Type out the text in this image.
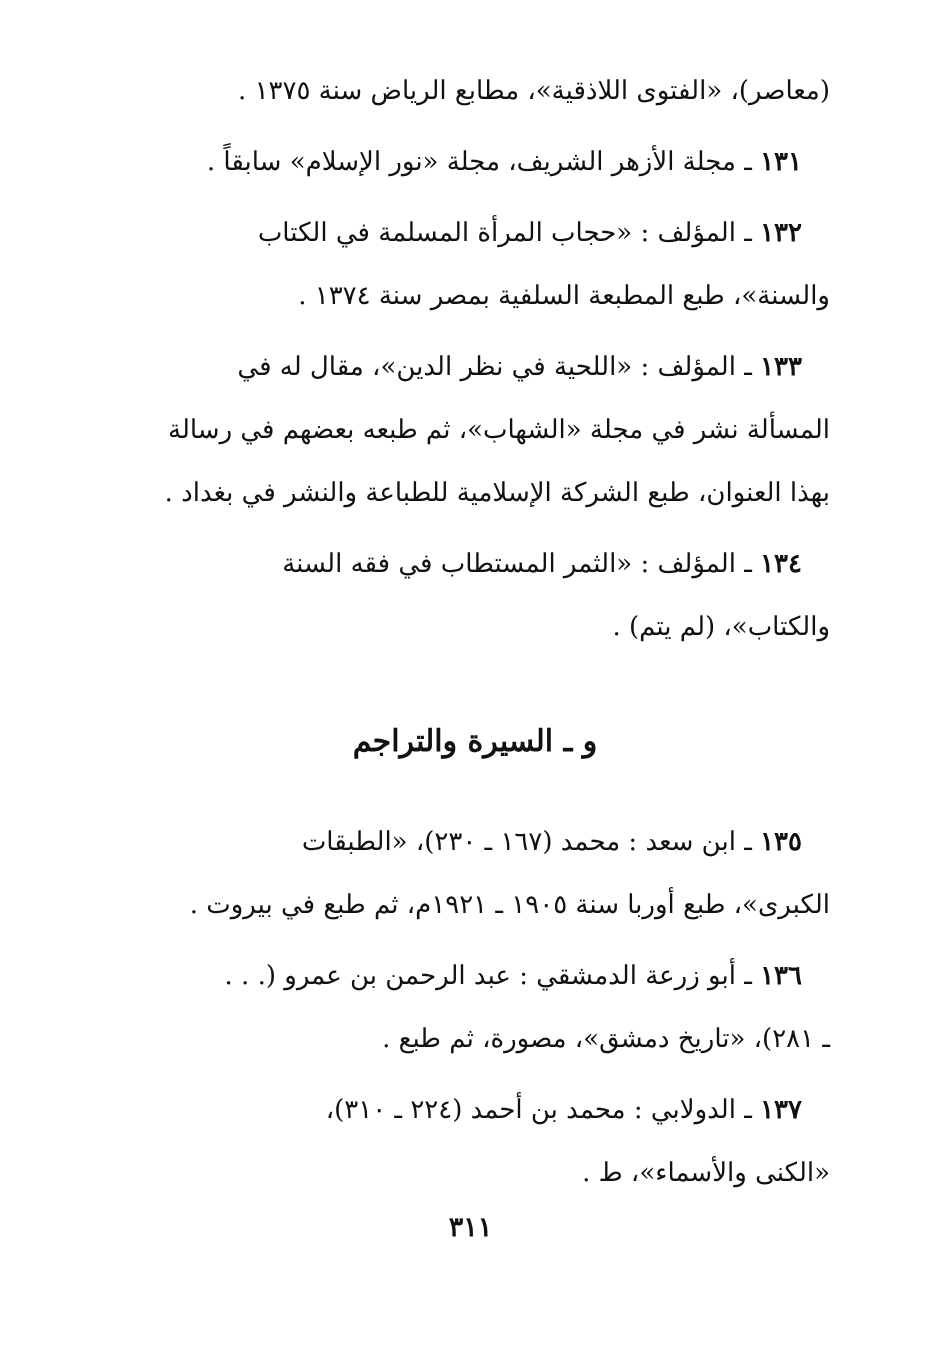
(معاصر)، «الفتوى اللاذقية»، مطابع الرياض سنة ١٣٧٥ .
١٣١ ـ مجلة الأزهر الشريف، مجلة «نور الإسلام» سابقاً .
١٣٢ ـ المؤلف : «حجاب المرأة المسلمة في الكتاب
والسنة»، طبع المطبعة السلفية بمصر سنة ١٣٧٤ .
١٣٣ ـ المؤلف : «اللحية في نظر الدين»، مقال له في
المسألة نشر في مجلة «الشهاب»، ثم طبعه بعضهم في رسالة
بهذا العنوان، طبع الشركة الإسلامية للطباعة والنشر في بغداد .
١٣٤ ـ المؤلف : «الثمر المستطاب في فقه السنة
والكتاب»، (لم يتم) .
و ـ السيرة والتراجم
١٣٥ ـ ابن سعد : محمد (١٦٧ ـ ٢٣٠)، «الطبقات
الكبرى»، طبع أوربا سنة ١٩٠٥ ـ ١٩٢١م، ثم طبع في بيروت .
١٣٦ ـ أبو زرعة الدمشقي : عبد الرحمن بن عمرو (. . .
ـ ٢٨١)، «تاريخ دمشق»، مصورة، ثم طبع .
١٣٧ ـ الدولابي : محمد بن أحمد (٢٢٤ ـ ٣١٠)،
«الكنى والأسماء»، ط .
٣١١
